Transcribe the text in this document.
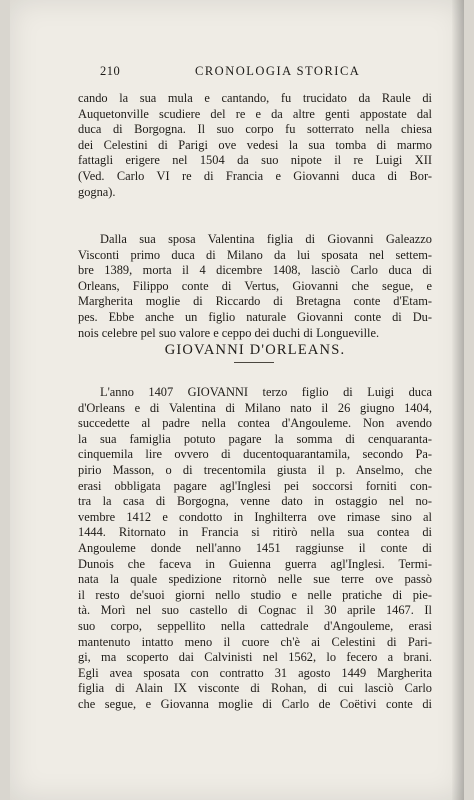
210	CRONOLOGIA STORICA
cando la sua mula e cantando, fu trucidato da Raule di
Auquetonville scudiere del re e da altre genti appostate dal
duca di Borgogna. Il suo corpo fu sotterrato nella chiesa
dei Celestini di Parigi ove vedesi la sua tomba di marmo
fattagli erigere nel 1504 da suo nipote il re Luigi XII
(Ved. Carlo VI re di Francia e Giovanni duca di Bor-
gogna).
Dalla sua sposa Valentina figlia di Giovanni Galeazzo
Visconti primo duca di Milano da lui sposata nel settem-
bre 1389, morta il 4 dicembre 1408, lasciò Carlo duca di
Orleans, Filippo conte di Vertus, Giovanni che segue, e
Margherita moglie di Riccardo di Bretagna conte d'Etam-
pes. Ebbe anche un figlio naturale Giovanni conte di Du-
nois celebre pel suo valore e ceppo dei duchi di Longueville.
GIOVANNI D'ORLEANS.
L'anno 1407 GIOVANNI terzo figlio di Luigi duca
d'Orleans e di Valentina di Milano nato il 26 giugno 1404,
succedette al padre nella contea d'Angouleme. Non avendo
la sua famiglia potuto pagare la somma di cenquaranta-
cinquemila lire ovvero di ducentoquarantamila, secondo Pa-
pirio Masson, o di trecentomila giusta il p. Anselmo, che
erasi obbligata pagare agl'Inglesi pei soccorsi forniti con-
tra la casa di Borgogna, venne dato in ostaggio nel no-
vembre 1412 e condotto in Inghilterra ove rimase sino al
1444. Ritornato in Francia si ritirò nella sua contea di
Angouleme donde nell'anno 1451 raggiunse il conte di
Dunois che faceva in Guienna guerra agl'Inglesi. Termi-
nata la quale spedizione ritornò nelle sue terre ove passò
il resto de'suoi giorni nello studio e nelle pratiche di pie-
tà. Morì nel suo castello di Cognac il 30 aprile 1467. Il
suo corpo, seppellito nella cattedrale d'Angouleme, erasi
mantenuto intatto meno il cuore ch'è ai Celestini di Pari-
gi, ma scoperto dai Calvinisti nel 1562, lo fecero a brani.
Egli avea sposata con contratto 31 agosto 1449 Margherita
figlia di Alain IX visconte di Rohan, di cui lasciò Carlo
che segue, e Giovanna moglie di Carlo de Coëtivi conte di
